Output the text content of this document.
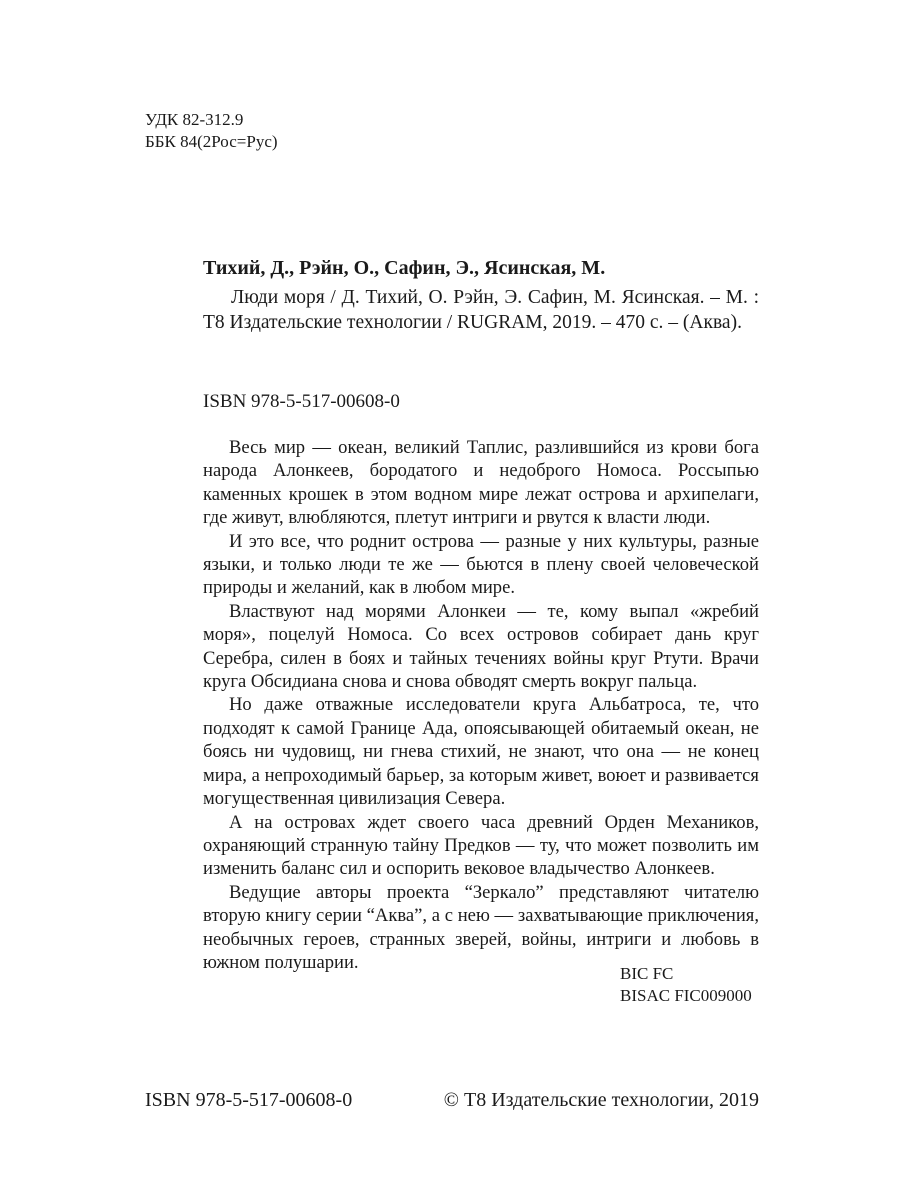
УДК 82-312.9
ББК 84(2Рос=Рус)
Тихий, Д., Рэйн, О., Сафин, Э., Ясинская, М.
Люди моря / Д. Тихий, О. Рэйн, Э. Сафин, М. Ясинская. – М. : Т8 Издательские технологии / RUGRAM, 2019. – 470 с. – (Аква).
ISBN 978-5-517-00608-0

Весь мир — океан, великий Таплис, разлившийся из крови бога народа Алонкеев, бородатого и недоброго Номоса. Россыпью каменных крошек в этом водном мире лежат острова и архипелаги, где живут, влюбляются, плетут интриги и рвутся к власти люди.

И это все, что роднит острова — разные у них культуры, разные языки, и только люди те же — бьются в плену своей человеческой природы и желаний, как в любом мире.

Властвуют над морями Алонкеи — те, кому выпал «жребий моря», поцелуй Номоса. Со всех островов собирает дань круг Серебра, силен в боях и тайных течениях войны круг Ртути. Врачи круга Обсидиана снова и снова обводят смерть вокруг пальца.

Но даже отважные исследователи круга Альбатроса, те, что подходят к самой Границе Ада, опоясывающей обитаемый океан, не боясь ни чудовищ, ни гнева стихий, не знают, что она — не конец мира, а непроходимый барьер, за которым живет, воюет и развивается могущественная цивилизация Севера.

А на островах ждет своего часа древний Орден Механиков, охраняющий странную тайну Предков — ту, что может позволить им изменить баланс сил и оспорить вековое владычество Алонкеев.

Ведущие авторы проекта “Зеркало” представляют читателю вторую книгу серии “Аква”, а с нею — захватывающие приключения, необычных героев, странных зверей, войны, интриги и любовь в южном полушарии.

BIC FC
BISAC FIC009000
ISBN 978-5-517-00608-0	© Т8 Издательские технологии, 2019
